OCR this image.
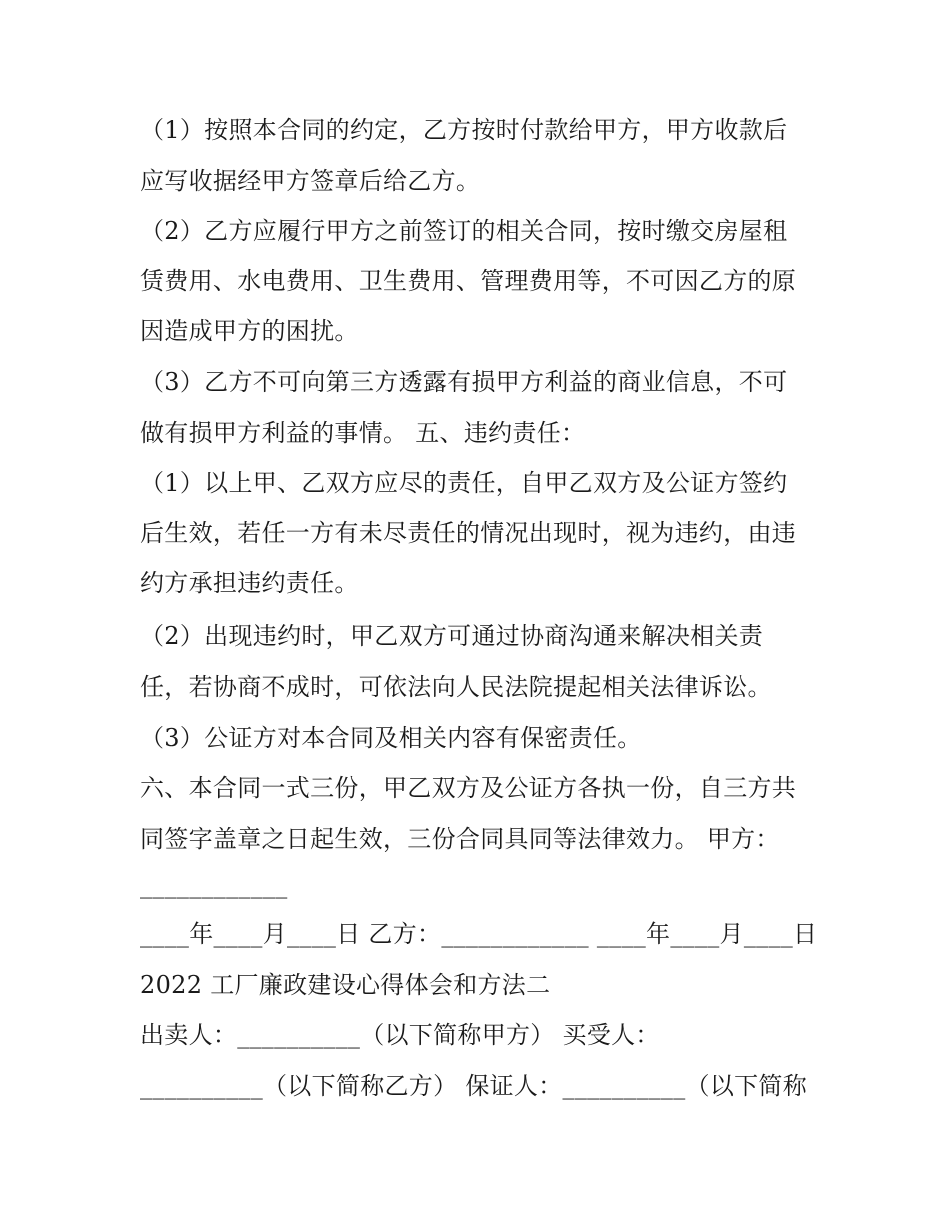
（1）按照本合同的约定，乙方按时付款给甲方，甲方收款后
应写收据经甲方签章后给乙方。
（2）乙方应履行甲方之前签订的相关合同，按时缴交房屋租
赁费用、水电费用、卫生费用、管理费用等，不可因乙方的原
因造成甲方的困扰。
（3）乙方不可向第三方透露有损甲方利益的商业信息，不可
做有损甲方利益的事情。 五、违约责任：
（1）以上甲、乙双方应尽的责任，自甲乙双方及公证方签约
后生效，若任一方有未尽责任的情况出现时，视为违约，由违
约方承担违约责任。
（2）出现违约时，甲乙双方可通过协商沟通来解决相关责
任，若协商不成时，可依法向人民法院提起相关法律诉讼。
（3）公证方对本合同及相关内容有保密责任。
六、本合同一式三份，甲乙双方及公证方各执一份，自三方共
同签字盖章之日起生效，三份合同具同等法律效力。 甲方：
____________
____年____月____日 乙方：____________ ____年____月____日
2022 工厂廉政建设心得体会和方法二
出卖人：__________（以下简称甲方） 买受人：
__________（以下简称乙方） 保证人：__________（以下简称
